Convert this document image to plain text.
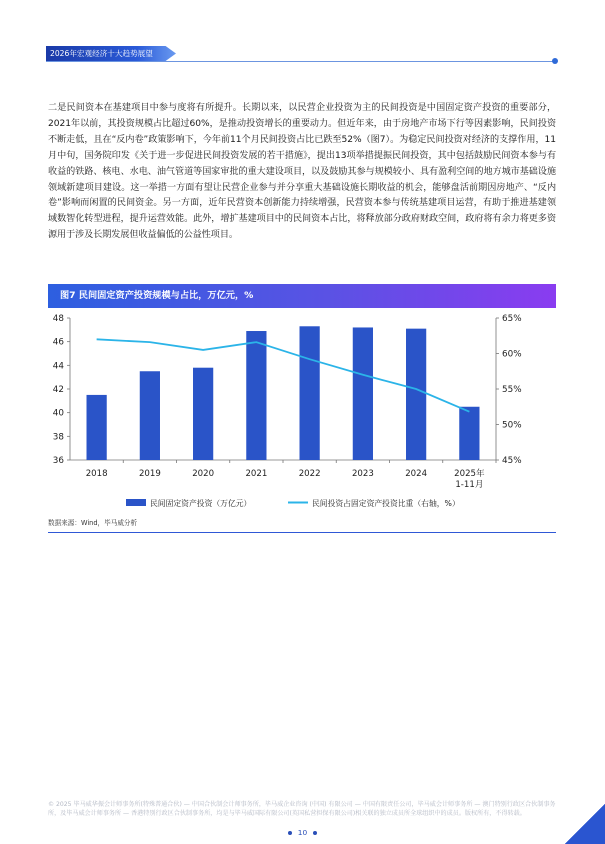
2026年宏观经济十大趋势展望

二是民间资本在基建项目中参与度将有所提升。长期以来，以民营企业投资为主的民间投资是中国固定资产投资的重要部分，2021年以前，其投资规模占比超过60%，是推动投资增长的重要动力。但近年来，由于房地产市场下行等因素影响，民间投资不断走低，且在“反内卷”政策影响下，今年前11个月民间投资占比已跌至52%（图7）。为稳定民间投资对经济的支撑作用，11月中旬，国务院印发《关于进一步促进民间投资发展的若干措施》，提出13项举措提振民间投资，其中包括鼓励民间资本参与有收益的铁路、核电、水电、油气管道等国家审批的重大建设项目，以及鼓励其参与规模较小、具有盈利空间的地方城市基础设施领域新建项目建设。这一举措一方面有望让民营企业参与并分享重大基础设施长期收益的机会，能够盘活前期因房地产、“反内卷”影响而闲置的民间资金。另一方面，近年民营资本创新能力持续增强，民营资本参与传统基建项目运营，有助于推进基建领域数智化转型进程，提升运营效能。此外，增扩基建项目中的民间资本占比，将释放部分政府财政空间，政府将有余力将更多资源用于涉及长期发展但收益偏低的公益性项目。

图7 民间固定资产投资规模与占比，万亿元，%
36
38
40
42
44
46
48
45%
50%
55%
60%
65%
2018	2019	2020	2021	2022	2023	2024	2025年
1-11月
民间固定资产投资（万亿元）	民间投资占固定资产投资比重（右轴，%）
数据来源：Wind，毕马威分析
© 2025 毕马威华振会计师事务所(特殊普通合伙) — 中国合伙制会计师事务所，毕马威企业咨询 (中国) 有限公司 — 中国有限责任公司，毕马威会计师事务所 — 澳门特别行政区合伙制事务所，及毕马威会计师事务所 — 香港特别行政区合伙制事务所，均是与毕马威国际有限公司(英国私营担保有限公司)相关联的独立成员所全球组织中的成员。版权所有，不得转载。
10
